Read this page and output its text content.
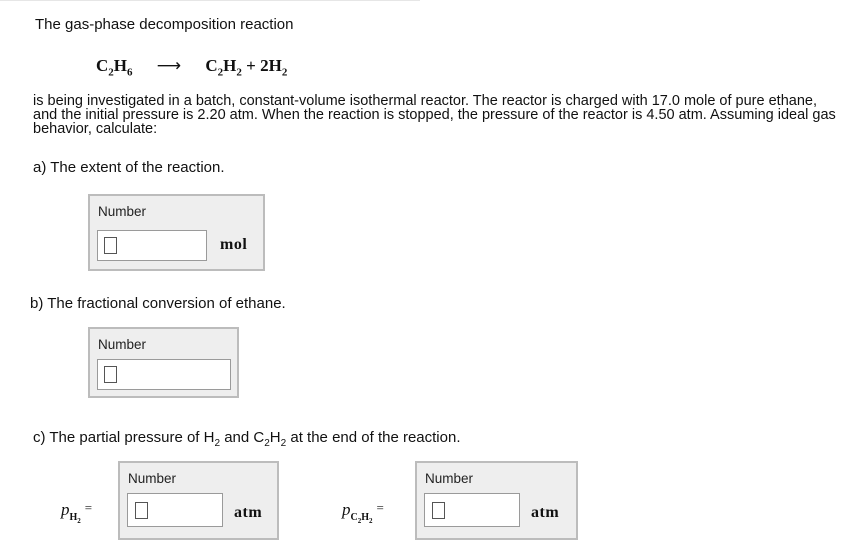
The gas-phase decomposition reaction
$C_2H_6$ ⟶ $C_2H_2 + 2H_2$
is being investigated in a batch, constant-volume isothermal reactor. The reactor is charged with 17.0 mole of pure ethane, and the initial pressure is 2.20 atm. When the reaction is stopped, the pressure of the reactor is 4.50 atm. Assuming ideal gas behavior, calculate:
a) The extent of the reaction.
Number
mol
b) The fractional conversion of ethane.
Number
c) The partial pressure of $H_2$ and $C_2H_2$ at the end of the reaction.
$p_{H_2}=$
Number
atm	$p_{C_2H_2}=$
Number
atm
